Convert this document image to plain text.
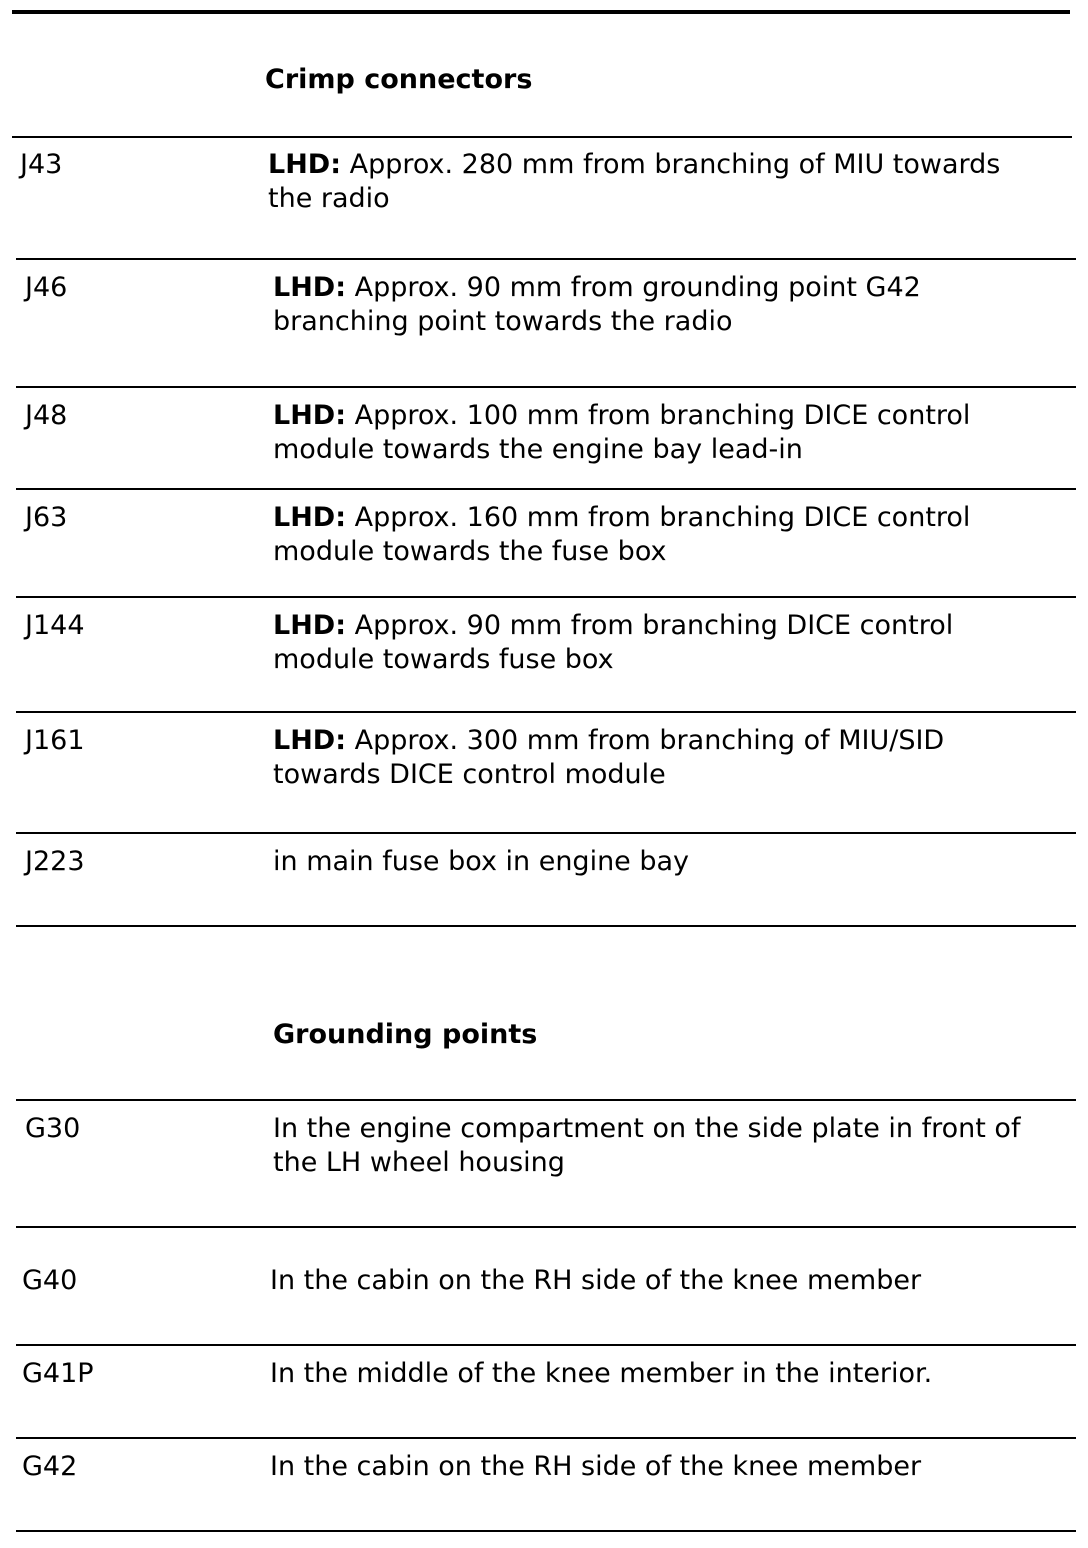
Crimp connectors
J43	LHD: Approx. 280 mm from branching of MIU towards
the radio
J46	LHD: Approx. 90 mm from grounding point G42
branching point towards the radio
J48	LHD: Approx. 100 mm from branching DICE control
module towards the engine bay lead-in
J63	LHD: Approx. 160 mm from branching DICE control
module towards the fuse box
J144	LHD: Approx. 90 mm from branching DICE control
module towards fuse box
J161	LHD: Approx. 300 mm from branching of MIU/SID
towards DICE control module
J223	in main fuse box in engine bay
Grounding points
G30	In the engine compartment on the side plate in front of
the LH wheel housing
G40	In the cabin on the RH side of the knee member
G41P	In the middle of the knee member in the interior.
G42	In the cabin on the RH side of the knee member
